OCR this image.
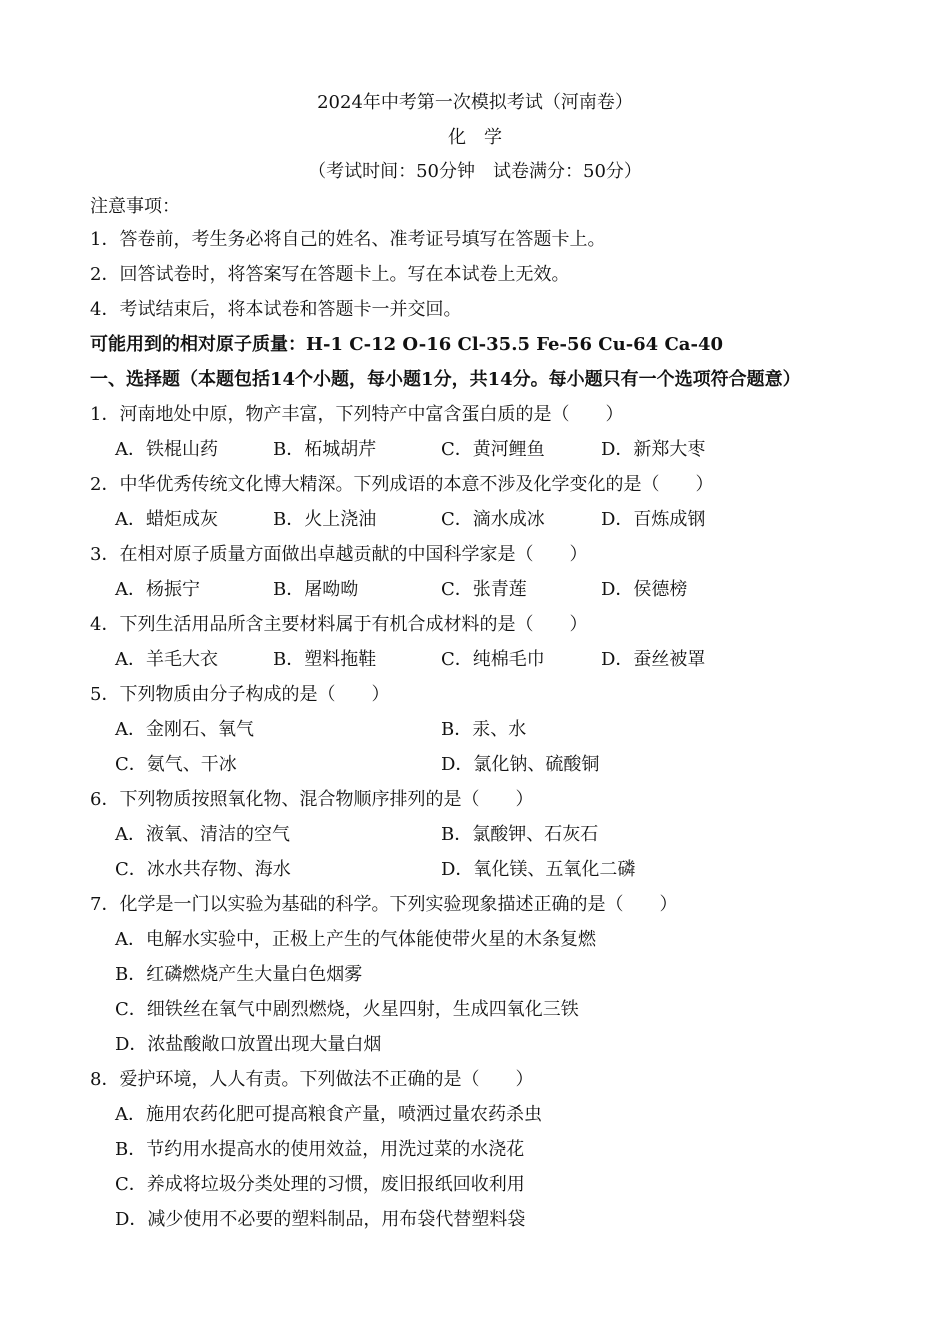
2024年中考第一次模拟考试（河南卷）
化　学
（考试时间：50分钟　试卷满分：50分）
注意事项：
1．答卷前，考生务必将自己的姓名、准考证号填写在答题卡上。
2．回答试卷时，将答案写在答题卡上。写在本试卷上无效。
4．考试结束后，将本试卷和答题卡一并交回。
可能用到的相对原子质量：H-1 C-12 O-16 Cl-35.5 Fe-56 Cu-64 Ca-40
一、选择题（本题包括14个小题，每小题1分，共14分。每小题只有一个选项符合题意）
1．河南地处中原，物产丰富，下列特产中富含蛋白质的是（　　）
A．铁棍山药	B．柘城胡芹	C．黄河鲤鱼	D．新郑大枣
2．中华优秀传统文化博大精深。下列成语的本意不涉及化学变化的是（　　）
A．蜡炬成灰	B．火上浇油	C．滴水成冰	D．百炼成钢
3．在相对原子质量方面做出卓越贡献的中国科学家是（　　）
A．杨振宁	B．屠呦呦	C．张青莲	D．侯德榜
4．下列生活用品所含主要材料属于有机合成材料的是（　　）
A．羊毛大衣	B．塑料拖鞋	C．纯棉毛巾	D．蚕丝被罩
5．下列物质由分子构成的是（　　）
A．金刚石、氧气	B．汞、水
C．氨气、干冰	D．氯化钠、硫酸铜
6．下列物质按照氧化物、混合物顺序排列的是（　　）
A．液氧、清洁的空气	B．氯酸钾、石灰石
C．冰水共存物、海水	D．氧化镁、五氧化二磷
7．化学是一门以实验为基础的科学。下列实验现象描述正确的是（　　）
A．电解水实验中，正极上产生的气体能使带火星的木条复燃
B．红磷燃烧产生大量白色烟雾
C．细铁丝在氧气中剧烈燃烧，火星四射，生成四氧化三铁
D．浓盐酸敞口放置出现大量白烟
8．爱护环境，人人有责。下列做法不正确的是（　　）
A．施用农药化肥可提高粮食产量，喷洒过量农药杀虫
B．节约用水提高水的使用效益，用洗过菜的水浇花
C．养成将垃圾分类处理的习惯，废旧报纸回收利用
D．减少使用不必要的塑料制品，用布袋代替塑料袋
